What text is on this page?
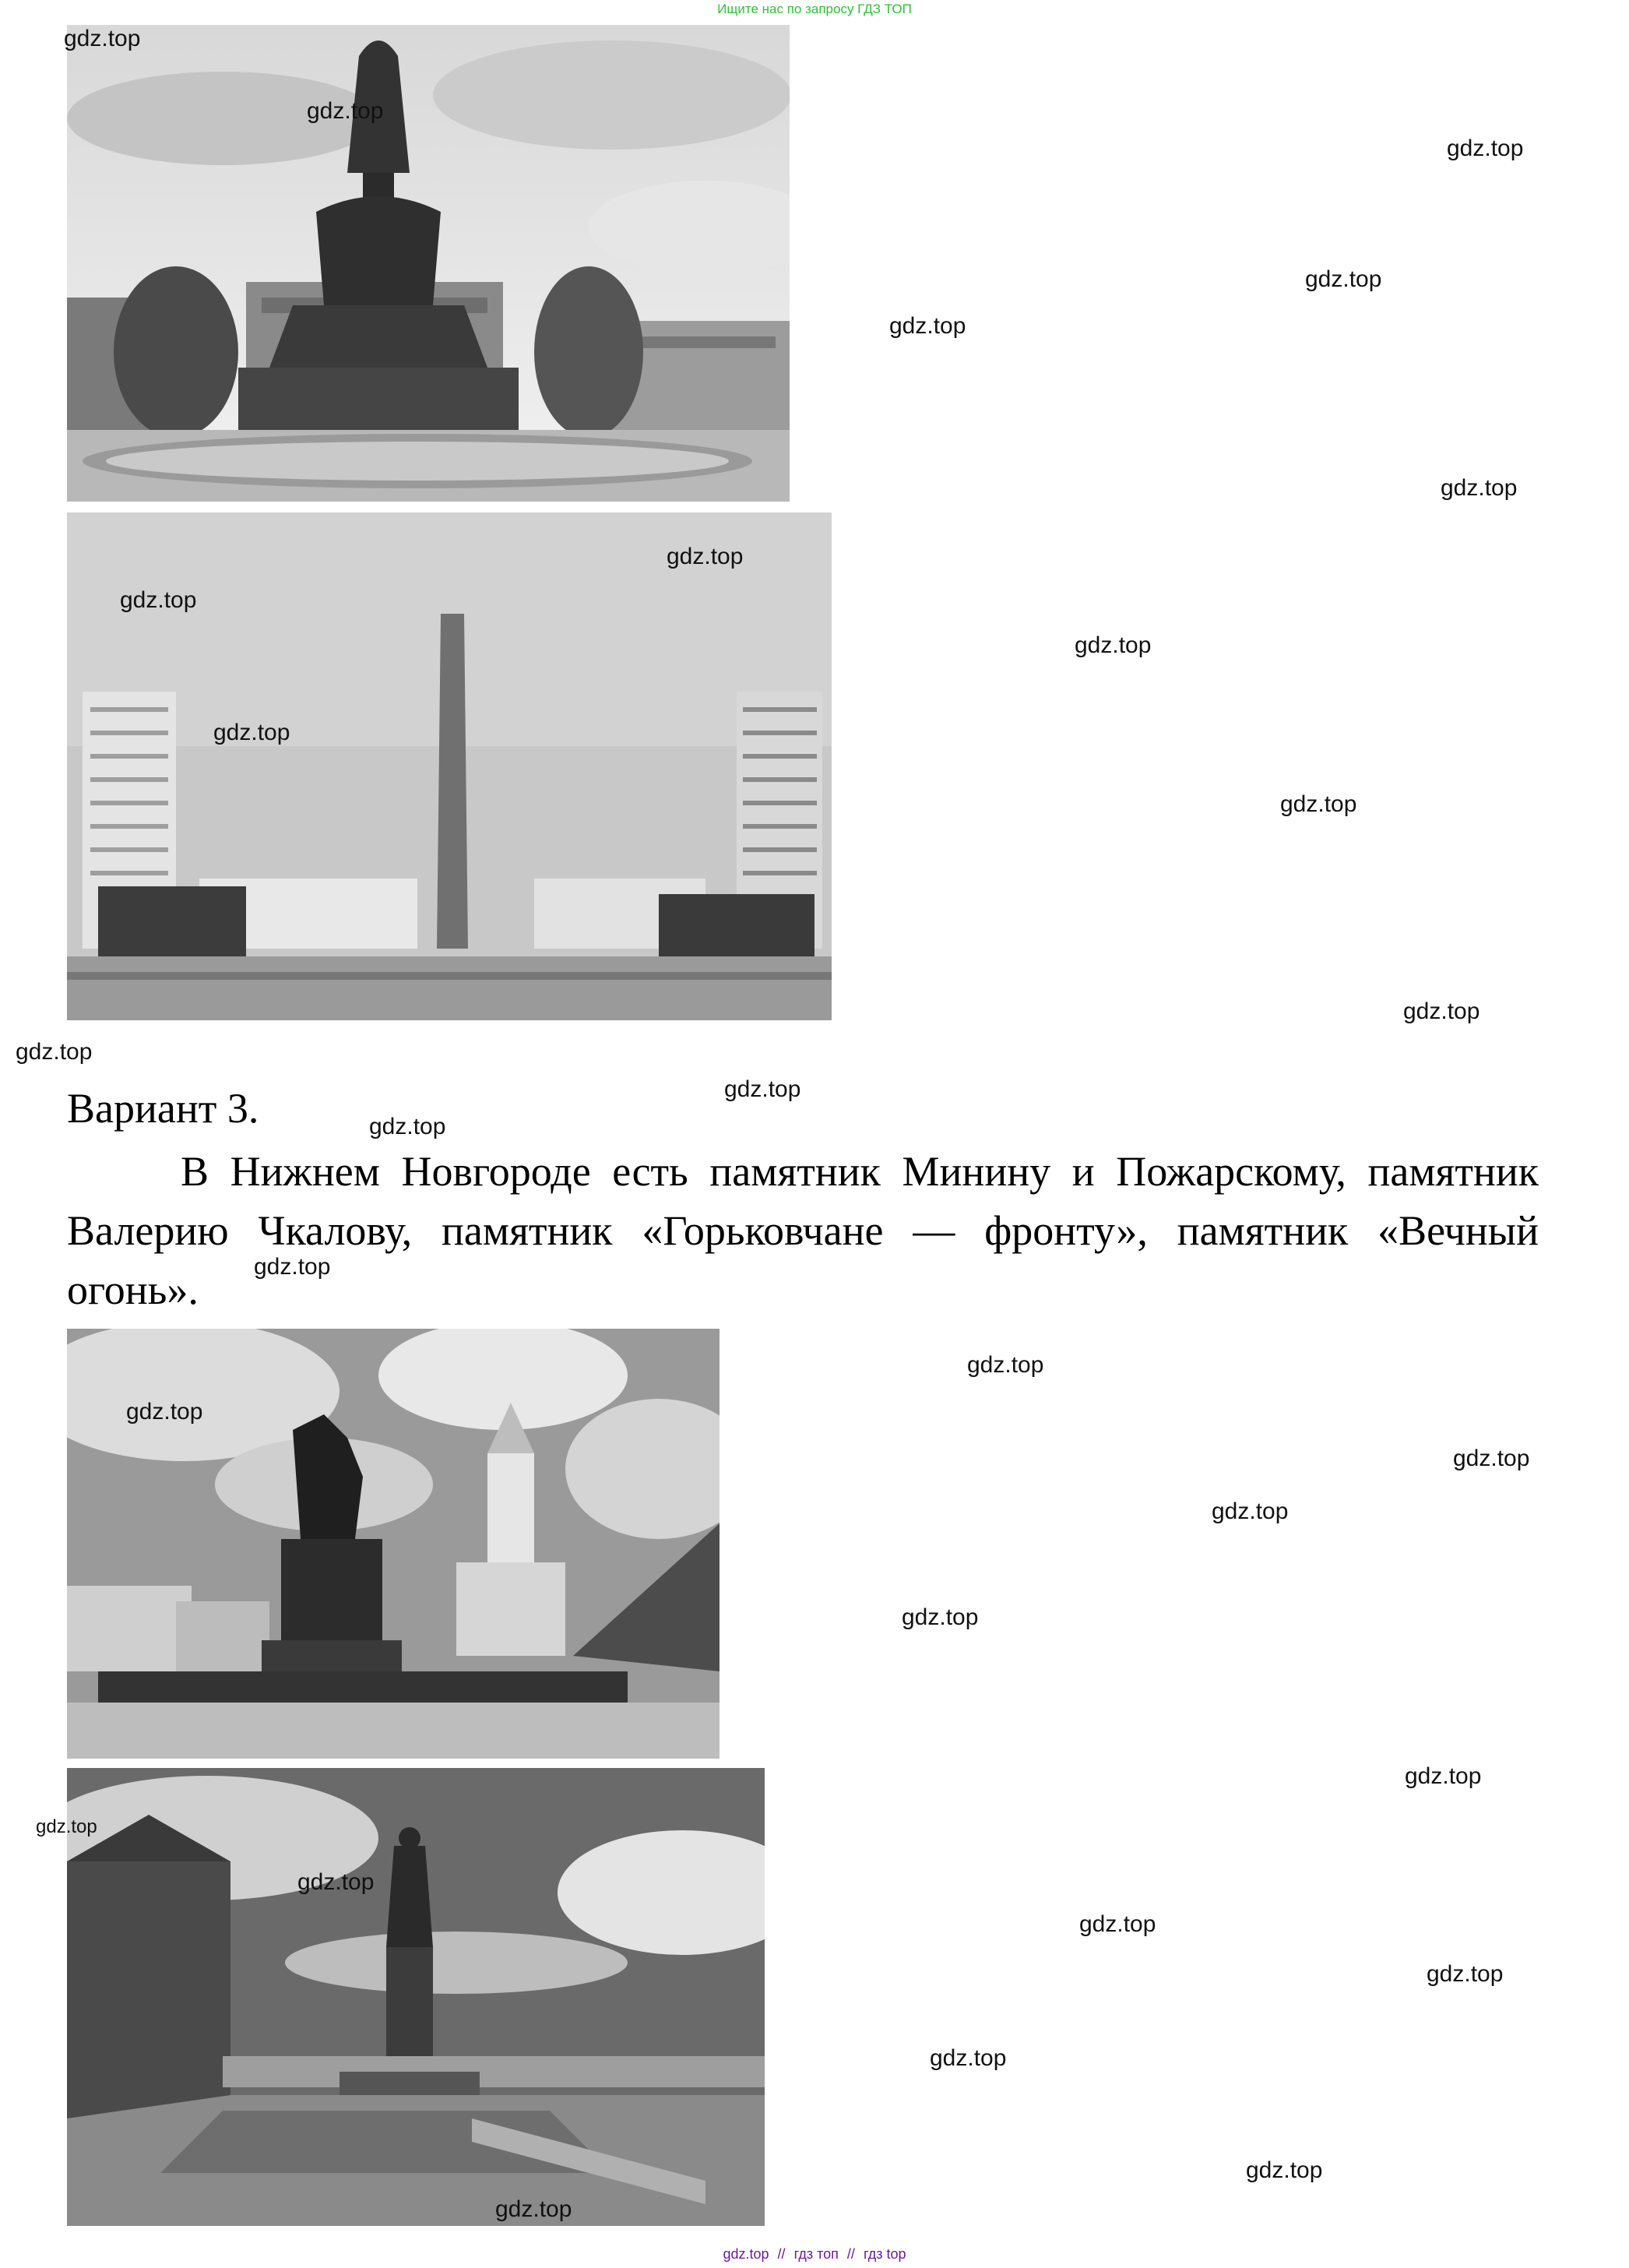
Ищите нас по запросу ГДЗ ТОП
Вариант 3.
В Нижнем Новгороде есть памятник Минину и Пожарскому, памятник Валерию Чкалову, памятник «Горьковчане — фронту», памятник «Вечный огонь».
gdz.top
gdz.top
gdz.top
gdz.top
gdz.top
gdz.top
gdz.top
gdz.top
gdz.top
gdz.top
gdz.top
gdz.top
gdz.top
gdz.top
gdz.top
gdz.top
gdz.top
gdz.top
gdz.top
gdz.top
gdz.top
gdz.top
gdz.top
gdz.top
gdz.top
gdz.top
gdz.top
gdz.top
gdz.top
gdz.top // гдз топ // гдз top
